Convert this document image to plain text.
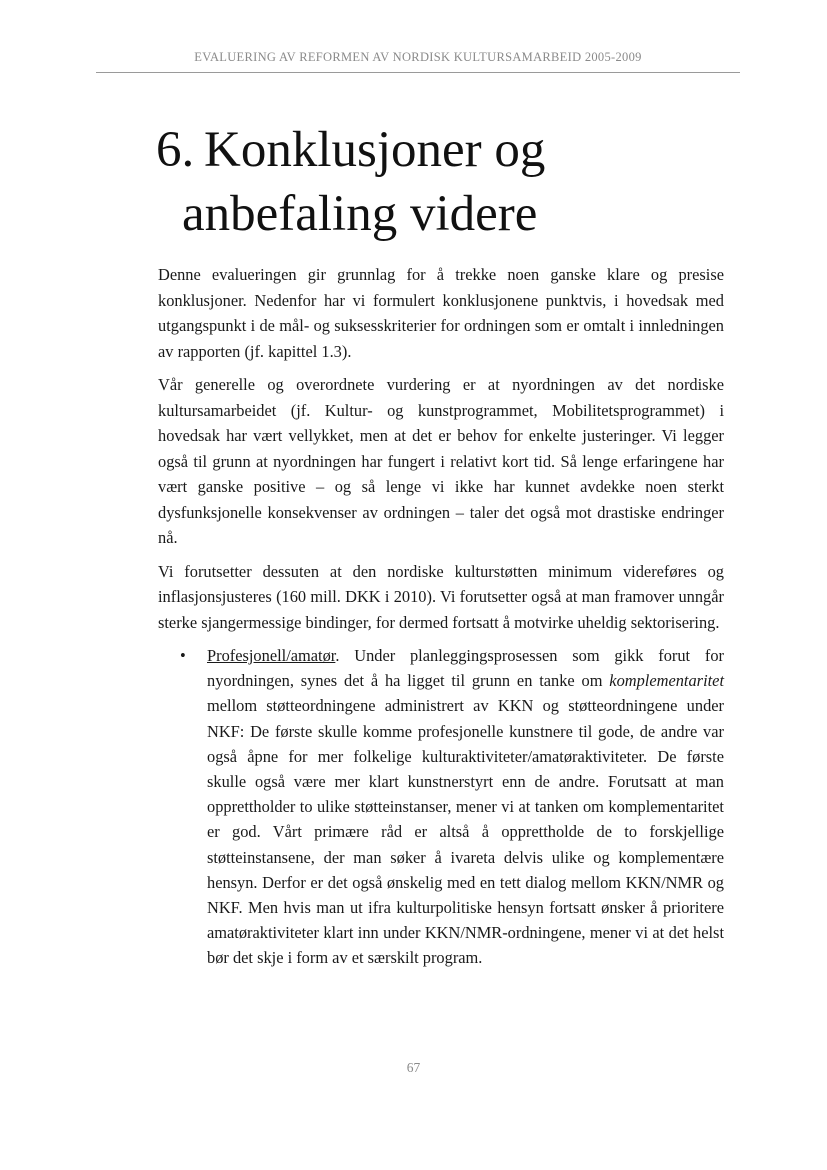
EVALUERING AV REFORMEN AV NORDISK KULTURSAMARBEID 2005-2009
6. Konklusjoner og
anbefaling videre

Denne evalueringen gir grunnlag for å trekke noen ganske klare og presise konklusjoner. Nedenfor har vi formulert konklusjonene punktvis, i hovedsak med utgangspunkt i de mål- og suksesskriterier for ordningen som er omtalt i innledningen av rapporten (jf. kapittel 1.3).

Vår generelle og overordnete vurdering er at nyordningen av det nordiske kultursamarbeidet (jf. Kultur- og kunstprogrammet, Mobilitetsprogrammet) i hovedsak har vært vellykket, men at det er behov for enkelte justeringer. Vi legger også til grunn at nyordningen har fungert i relativt kort tid. Så lenge erfaringene har vært ganske positive – og så lenge vi ikke har kunnet avdekke noen sterkt dysfunksjonelle konsekvenser av ordningen – taler det også mot drastiske endringer nå.

Vi forutsetter dessuten at den nordiske kulturstøtten minimum videreføres og inflasjonsjusteres (160 mill. DKK i 2010). Vi forutsetter også at man framover unngår sterke sjangermessige bindinger, for dermed fortsatt å motvirke uheldig sektorisering.

• Profesjonell/amatør. Under planleggingsprosessen som gikk forut for nyordningen, synes det å ha ligget til grunn en tanke om komplementaritet mellom støtteordningene administrert av KKN og støtteordningene under NKF: De første skulle komme profesjonelle kunstnere til gode, de andre var også åpne for mer folkelige kulturaktiviteter/amatøraktiviteter. De første skulle også være mer klart kunstnerstyrt enn de andre. Forutsatt at man opprettholder to ulike støtteinstanser, mener vi at tanken om komplementaritet er god. Vårt primære råd er altså å opprettholde de to forskjellige støtteinstansene, der man søker å ivareta delvis ulike og komplementære hensyn. Derfor er det også ønskelig med en tett dialog mellom KKN/NMR og NKF. Men hvis man ut ifra kulturpolitiske hensyn fortsatt ønsker å prioritere amatøraktiviteter klart inn under KKN/NMR-ordningene, mener vi at det helst bør det skje i form av et særskilt program.
67
